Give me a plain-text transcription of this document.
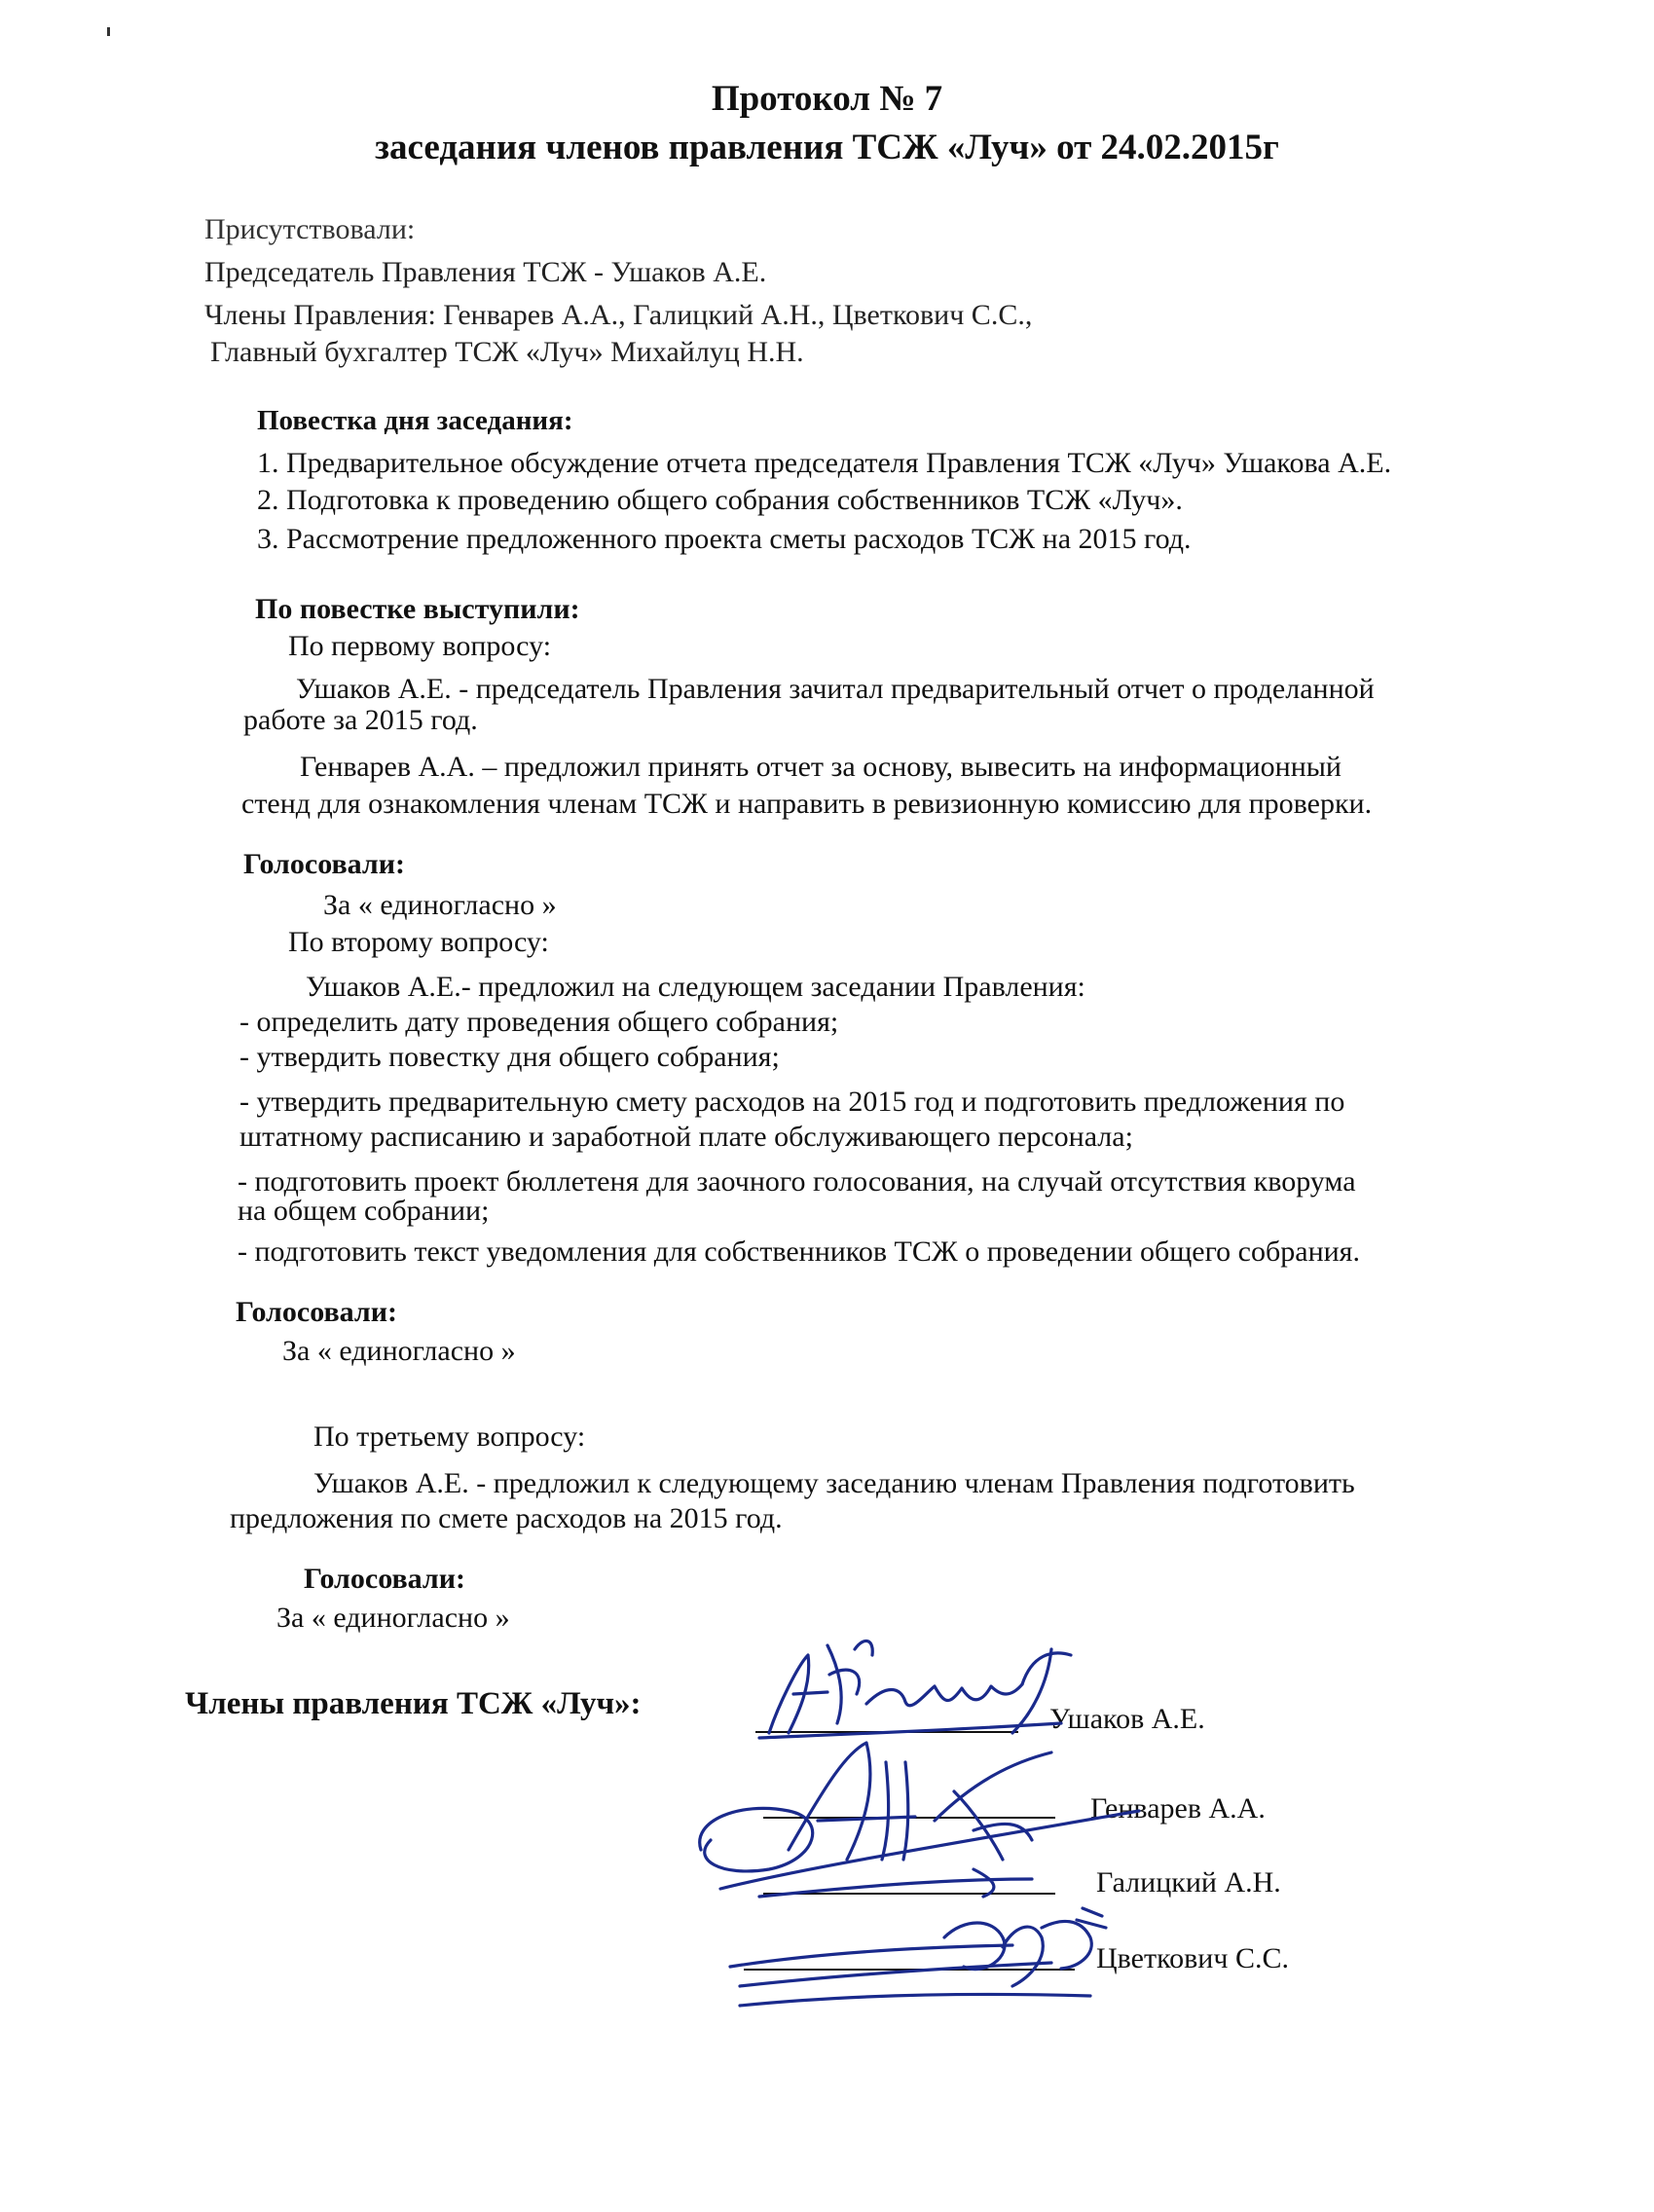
Протокол № 7
заседания членов правления ТСЖ «Луч» от 24.02.2015г
Присутствовали:
Председатель Правления ТСЖ - Ушаков А.Е.
Члены Правления: Генварев А.А., Галицкий А.Н., Цветкович С.С.,
Главный бухгалтер ТСЖ «Луч» Михайлуц Н.Н.
Повестка дня заседания:
1. Предварительное обсуждение отчета председателя Правления ТСЖ «Луч» Ушакова А.Е.
2. Подготовка к проведению общего собрания собственников ТСЖ «Луч».
3. Рассмотрение предложенного проекта сметы расходов ТСЖ на 2015 год.
По повестке выступили:
По первому вопросу:
Ушаков А.Е. - председатель Правления зачитал предварительный отчет о проделанной
работе за 2015 год.
Генварев А.А. – предложил принять отчет за основу, вывесить на информационный
стенд для ознакомления членам ТСЖ и направить в ревизионную комиссию для проверки.
Голосовали:
За « единогласно »
По второму вопросу:
Ушаков А.Е.- предложил на следующем заседании Правления:
- определить дату проведения общего собрания;
- утвердить повестку дня общего собрания;
- утвердить предварительную смету расходов на 2015 год и подготовить предложения по
штатному расписанию и заработной плате обслуживающего персонала;
- подготовить проект бюллетеня для заочного голосования, на случай отсутствия кворума
на общем собрании;
- подготовить текст уведомления для собственников ТСЖ о проведении общего собрания.
Голосовали:
За « единогласно »
По третьему вопросу:
Ушаков А.Е. - предложил к следующему заседанию членам Правления подготовить
предложения по смете расходов на 2015 год.
Голосовали:
За « единогласно »
Члены правления ТСЖ «Луч»:	Ушаков А.Е.
Генварев А.А.
Галицкий А.Н.
Цветкович С.С.
